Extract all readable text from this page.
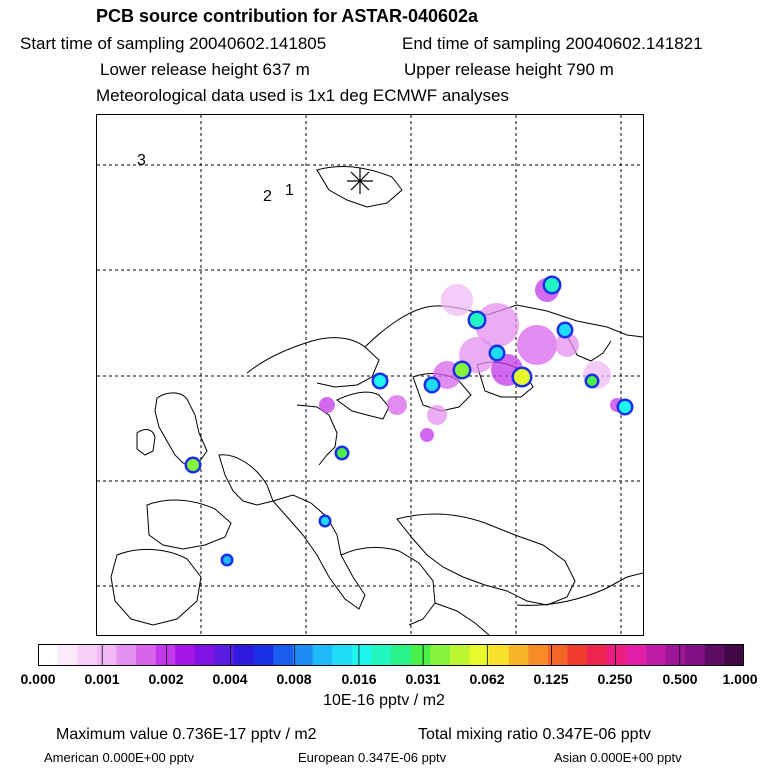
PCB source contribution for ASTAR-040602a
Start time of sampling 20040602.141805	End time of sampling 20040602.141821
Lower release height 637 m	Upper release height 790 m
Meteorological data used is 1x1 deg ECMWF analyses
3
2 1
0.000 0.001 0.002 0.004 0.008 0.016 0.031 0.062 0.125 0.250 0.500 1.000
10E-16 pptv / m2
Maximum value 0.736E-17 pptv / m2	Total mixing ratio 0.347E-06 pptv
American 0.000E+00 pptv	European 0.347E-06 pptv	Asian 0.000E+00 pptv
